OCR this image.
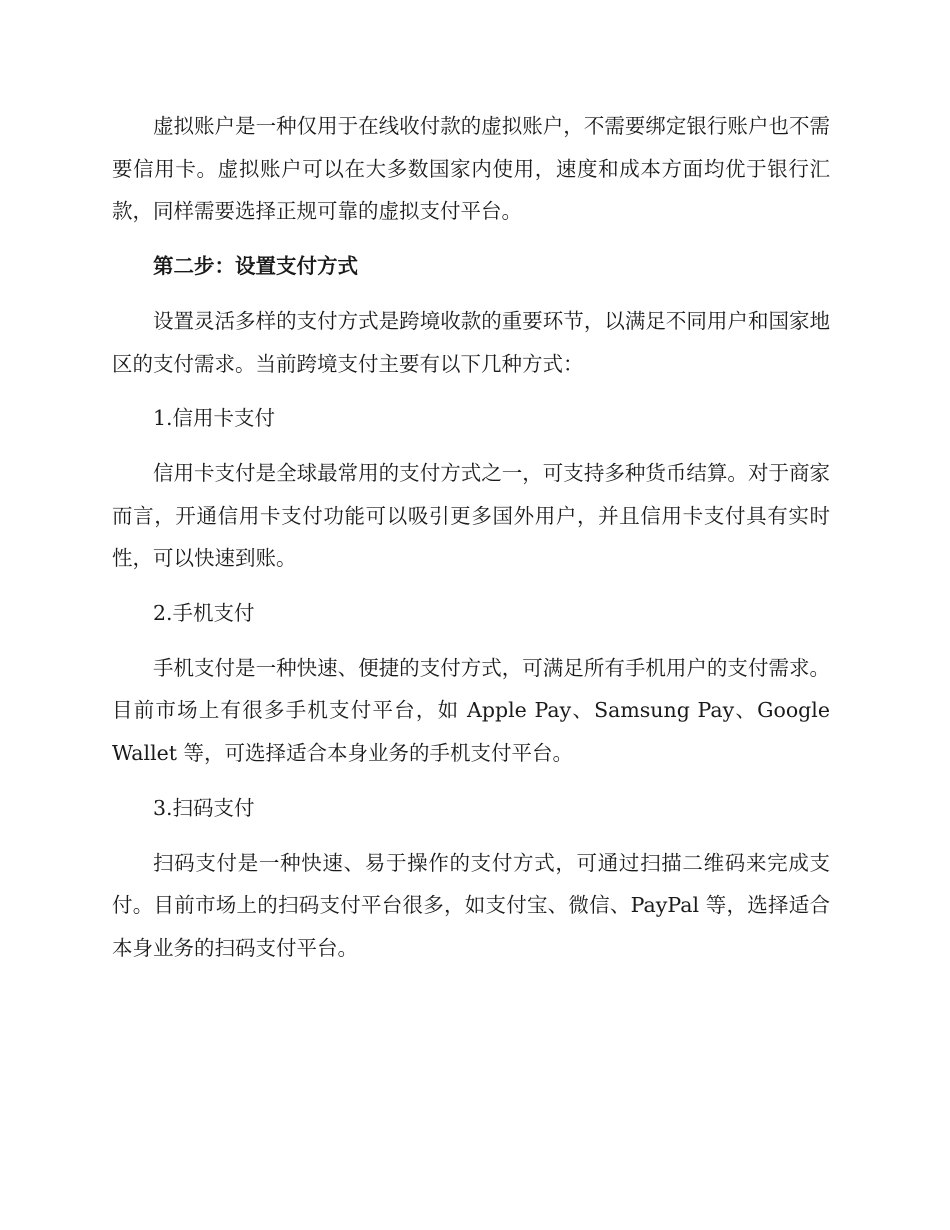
虚拟账户是一种仅用于在线收付款的虚拟账户，不需要绑定银行账户也不需要信用卡。虚拟账户可以在大多数国家内使用，速度和成本方面均优于银行汇款，同样需要选择正规可靠的虚拟支付平台。

第二步：设置支付方式

设置灵活多样的支付方式是跨境收款的重要环节，以满足不同用户和国家地区的支付需求。当前跨境支付主要有以下几种方式：

1.信用卡支付

信用卡支付是全球最常用的支付方式之一，可支持多种货币结算。对于商家而言，开通信用卡支付功能可以吸引更多国外用户，并且信用卡支付具有实时性，可以快速到账。

2.手机支付

手机支付是一种快速、便捷的支付方式，可满足所有手机用户的支付需求。目前市场上有很多手机支付平台，如 Apple Pay、Samsung Pay、Google Wallet 等，可选择适合本身业务的手机支付平台。

3.扫码支付

扫码支付是一种快速、易于操作的支付方式，可通过扫描二维码来完成支付。目前市场上的扫码支付平台很多，如支付宝、微信、PayPal 等，选择适合本身业务的扫码支付平台。
